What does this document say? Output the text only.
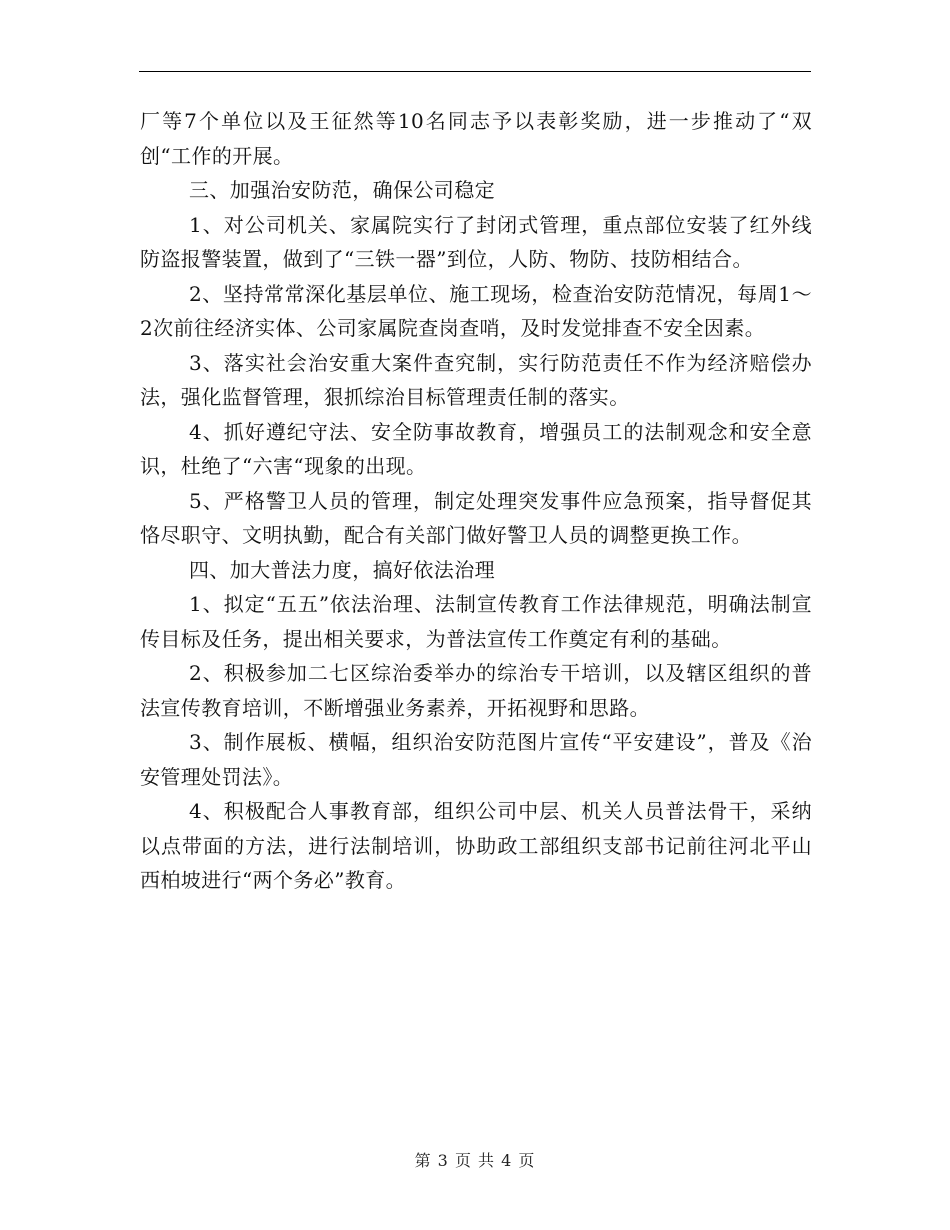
厂等7个单位以及王征然等10名同志予以表彰奖励，进一步推动了“双创“工作的开展。

三、加强治安防范，确保公司稳定

1、对公司机关、家属院实行了封闭式管理，重点部位安装了红外线防盗报警装置，做到了“三铁一器”到位，人防、物防、技防相结合。

2、坚持常常深化基层单位、施工现场，检查治安防范情况，每周1～2次前往经济实体、公司家属院查岗查哨，及时发觉排查不安全因素。

3、落实社会治安重大案件查究制，实行防范责任不作为经济赔偿办法，强化监督管理，狠抓综治目标管理责任制的落实。

4、抓好遵纪守法、安全防事故教育，增强员工的法制观念和安全意识，杜绝了“六害“现象的出现。

5、严格警卫人员的管理，制定处理突发事件应急预案，指导督促其恪尽职守、文明执勤，配合有关部门做好警卫人员的调整更换工作。

四、加大普法力度，搞好依法治理

1、拟定“五五”依法治理、法制宣传教育工作法律规范，明确法制宣传目标及任务，提出相关要求，为普法宣传工作奠定有利的基础。

2、积极参加二七区综治委举办的综治专干培训，以及辖区组织的普法宣传教育培训，不断增强业务素养，开拓视野和思路。

3、制作展板、横幅，组织治安防范图片宣传“平安建设”，普及《治安管理处罚法》。

4、积极配合人事教育部，组织公司中层、机关人员普法骨干，采纳以点带面的方法，进行法制培训，协助政工部组织支部书记前往河北平山西柏坡进行“两个务必”教育。

第 3 页 共 4 页
